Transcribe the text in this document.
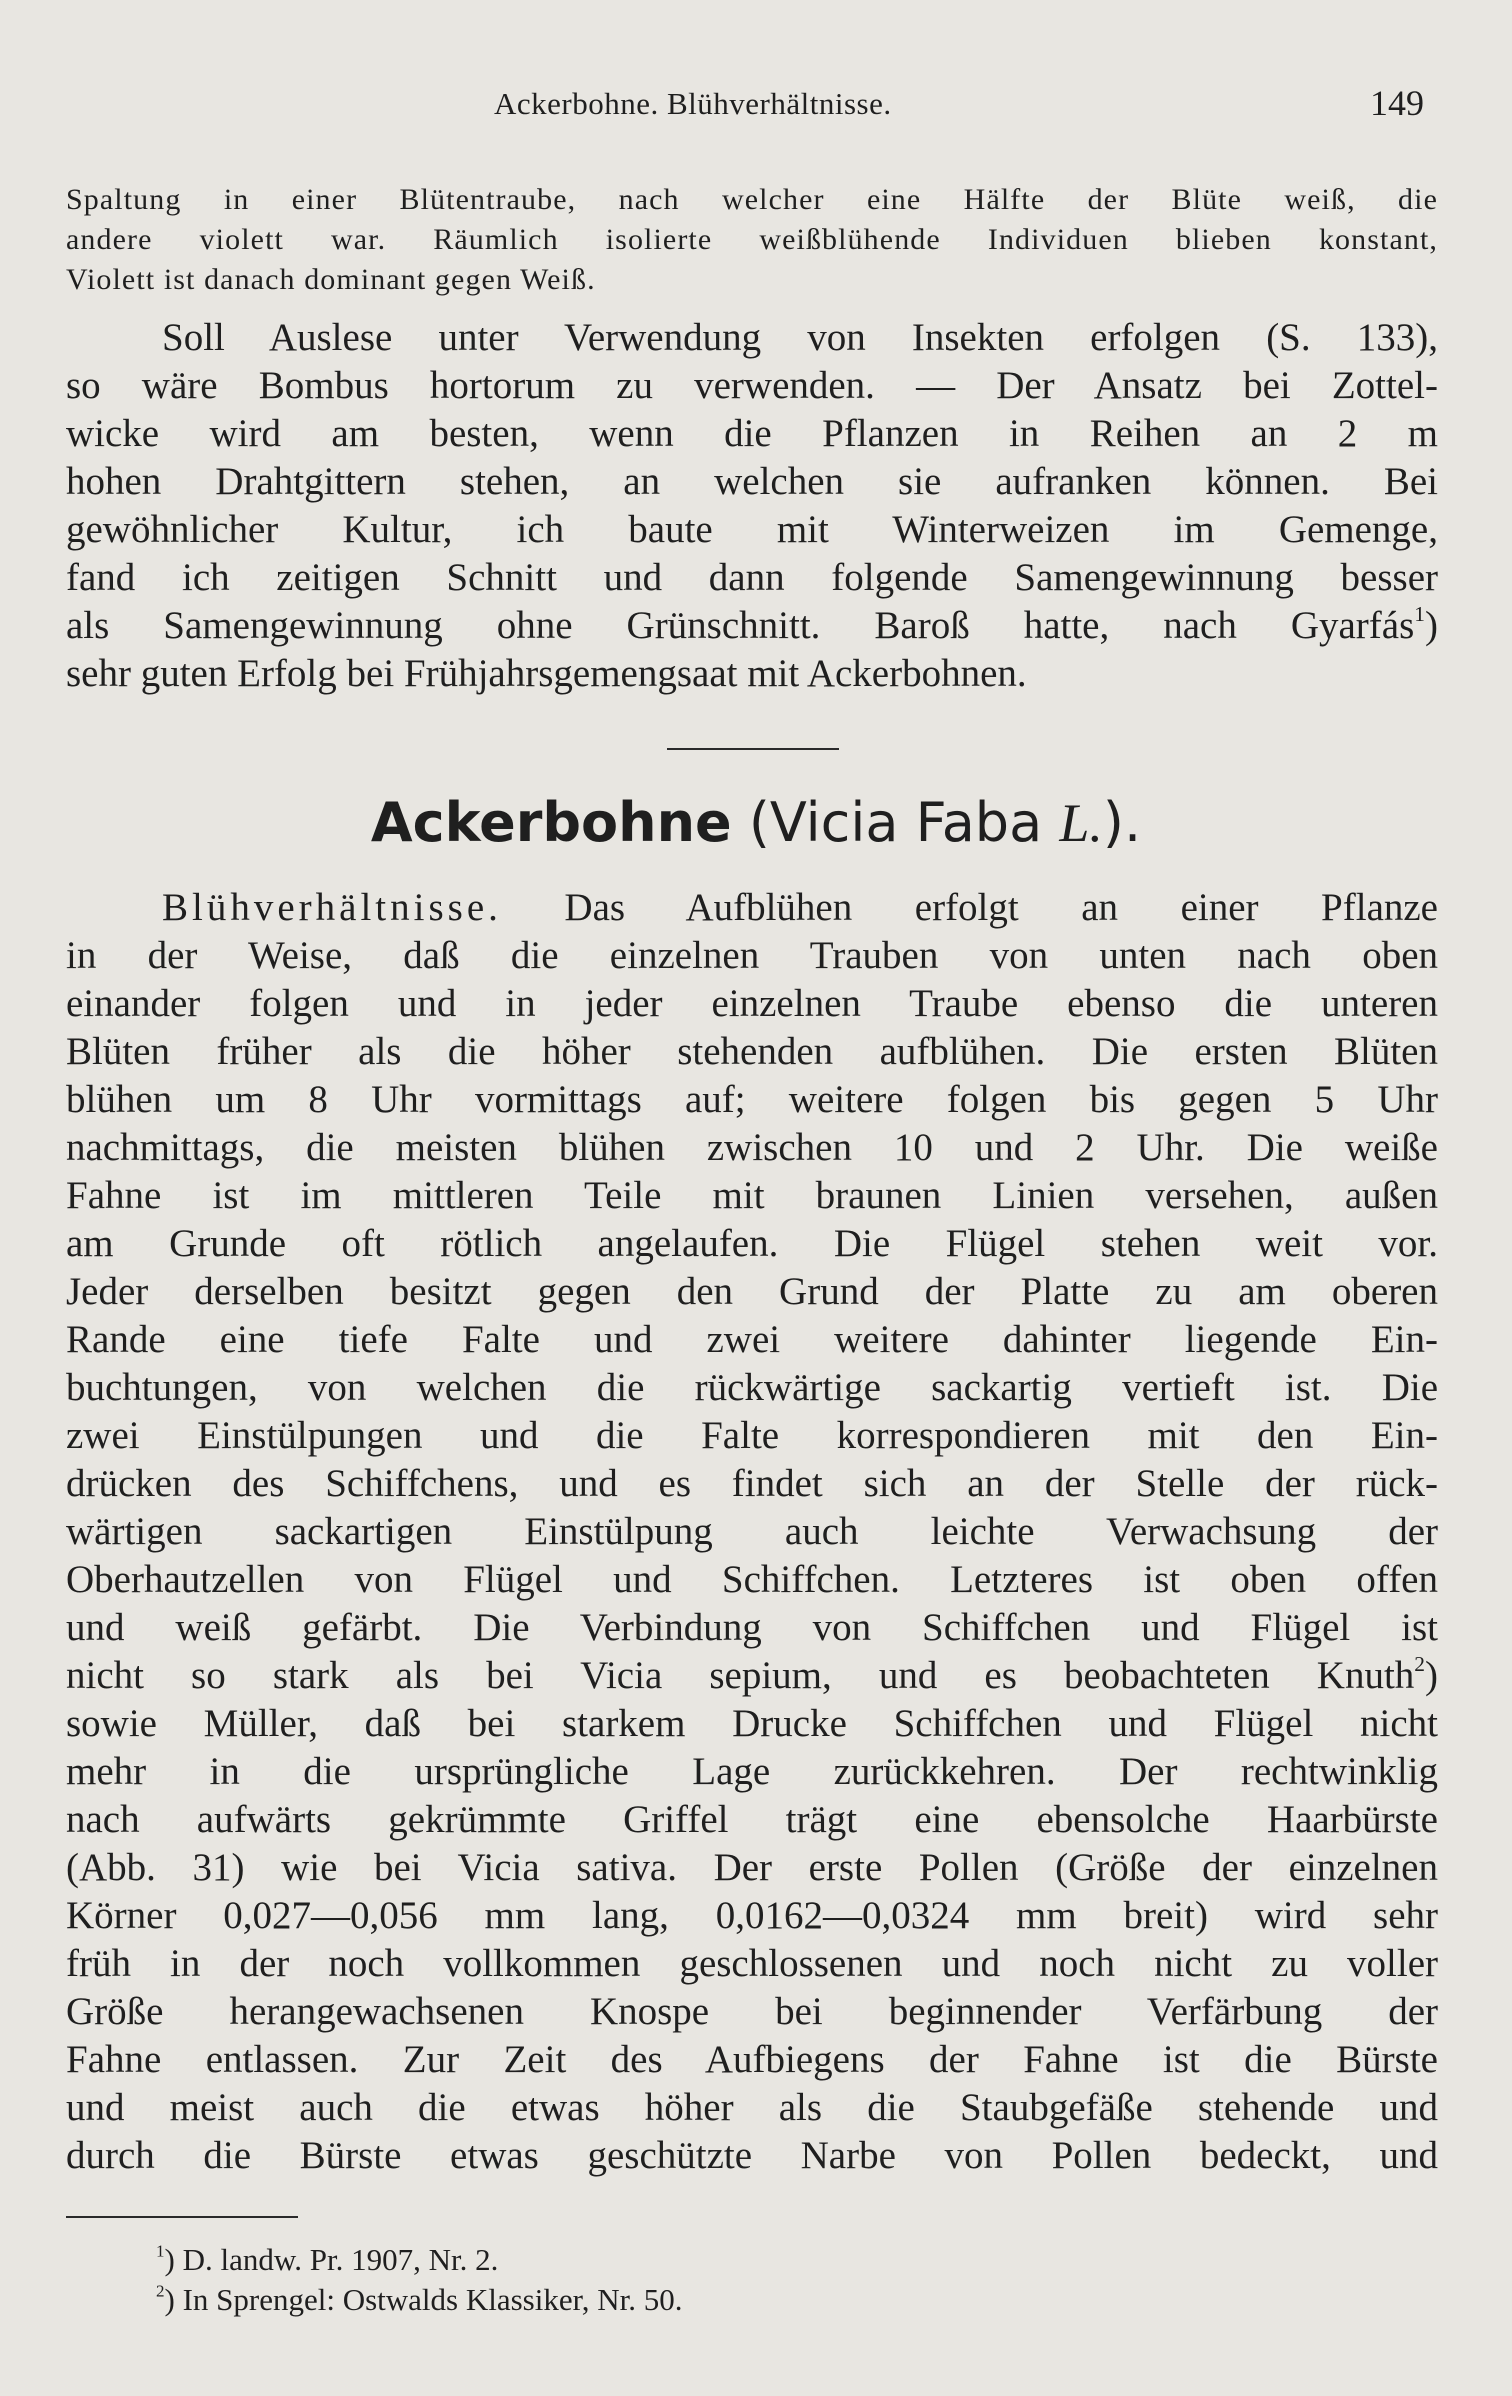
Ackerbohne. Blühverhältnisse.	149
Spaltung in einer Blütentraube, nach welcher eine Hälfte der Blüte weiß, die
andere violett war. Räumlich isolierte weißblühende Individuen blieben konstant,
Violett ist danach dominant gegen Weiß.
Soll Auslese unter Verwendung von Insekten erfolgen (S. 133),
so wäre Bombus hortorum zu verwenden. — Der Ansatz bei Zottel-
wicke wird am besten, wenn die Pflanzen in Reihen an 2 m
hohen Drahtgittern stehen, an welchen sie aufranken können. Bei
gewöhnlicher Kultur, ich baute mit Winterweizen im Gemenge,
fand ich zeitigen Schnitt und dann folgende Samengewinnung besser
als Samengewinnung ohne Grünschnitt. Baroß hatte, nach Gyarfás$^1$)
sehr guten Erfolg bei Frühjahrsgemengsaat mit Ackerbohnen.
Ackerbohne (Vicia Faba L.).
Blühverhältnisse. Das Aufblühen erfolgt an einer Pflanze
in der Weise, daß die einzelnen Trauben von unten nach oben
einander folgen und in jeder einzelnen Traube ebenso die unteren
Blüten früher als die höher stehenden aufblühen. Die ersten Blüten
blühen um 8 Uhr vormittags auf; weitere folgen bis gegen 5 Uhr
nachmittags, die meisten blühen zwischen 10 und 2 Uhr. Die weiße
Fahne ist im mittleren Teile mit braunen Linien versehen, außen
am Grunde oft rötlich angelaufen. Die Flügel stehen weit vor.
Jeder derselben besitzt gegen den Grund der Platte zu am oberen
Rande eine tiefe Falte und zwei weitere dahinter liegende Ein-
buchtungen, von welchen die rückwärtige sackartig vertieft ist. Die
zwei Einstülpungen und die Falte korrespondieren mit den Ein-
drücken des Schiffchens, und es findet sich an der Stelle der rück-
wärtigen sackartigen Einstülpung auch leichte Verwachsung der
Oberhautzellen von Flügel und Schiffchen. Letzteres ist oben offen
und weiß gefärbt. Die Verbindung von Schiffchen und Flügel ist
nicht so stark als bei Vicia sepium, und es beobachteten Knuth$^2$)
sowie Müller, daß bei starkem Drucke Schiffchen und Flügel nicht
mehr in die ursprüngliche Lage zurückkehren. Der rechtwinklig
nach aufwärts gekrümmte Griffel trägt eine ebensolche Haarbürste
(Abb. 31) wie bei Vicia sativa. Der erste Pollen (Größe der einzelnen
Körner 0,027—0,056 mm lang, 0,0162—0,0324 mm breit) wird sehr
früh in der noch vollkommen geschlossenen und noch nicht zu voller
Größe herangewachsenen Knospe bei beginnender Verfärbung der
Fahne entlassen. Zur Zeit des Aufbiegens der Fahne ist die Bürste
und meist auch die etwas höher als die Staubgefäße stehende und
durch die Bürste etwas geschützte Narbe von Pollen bedeckt, und
$^1$) D. landw. Pr. 1907, Nr. 2.
$^2$) In Sprengel: Ostwalds Klassiker, Nr. 50.
